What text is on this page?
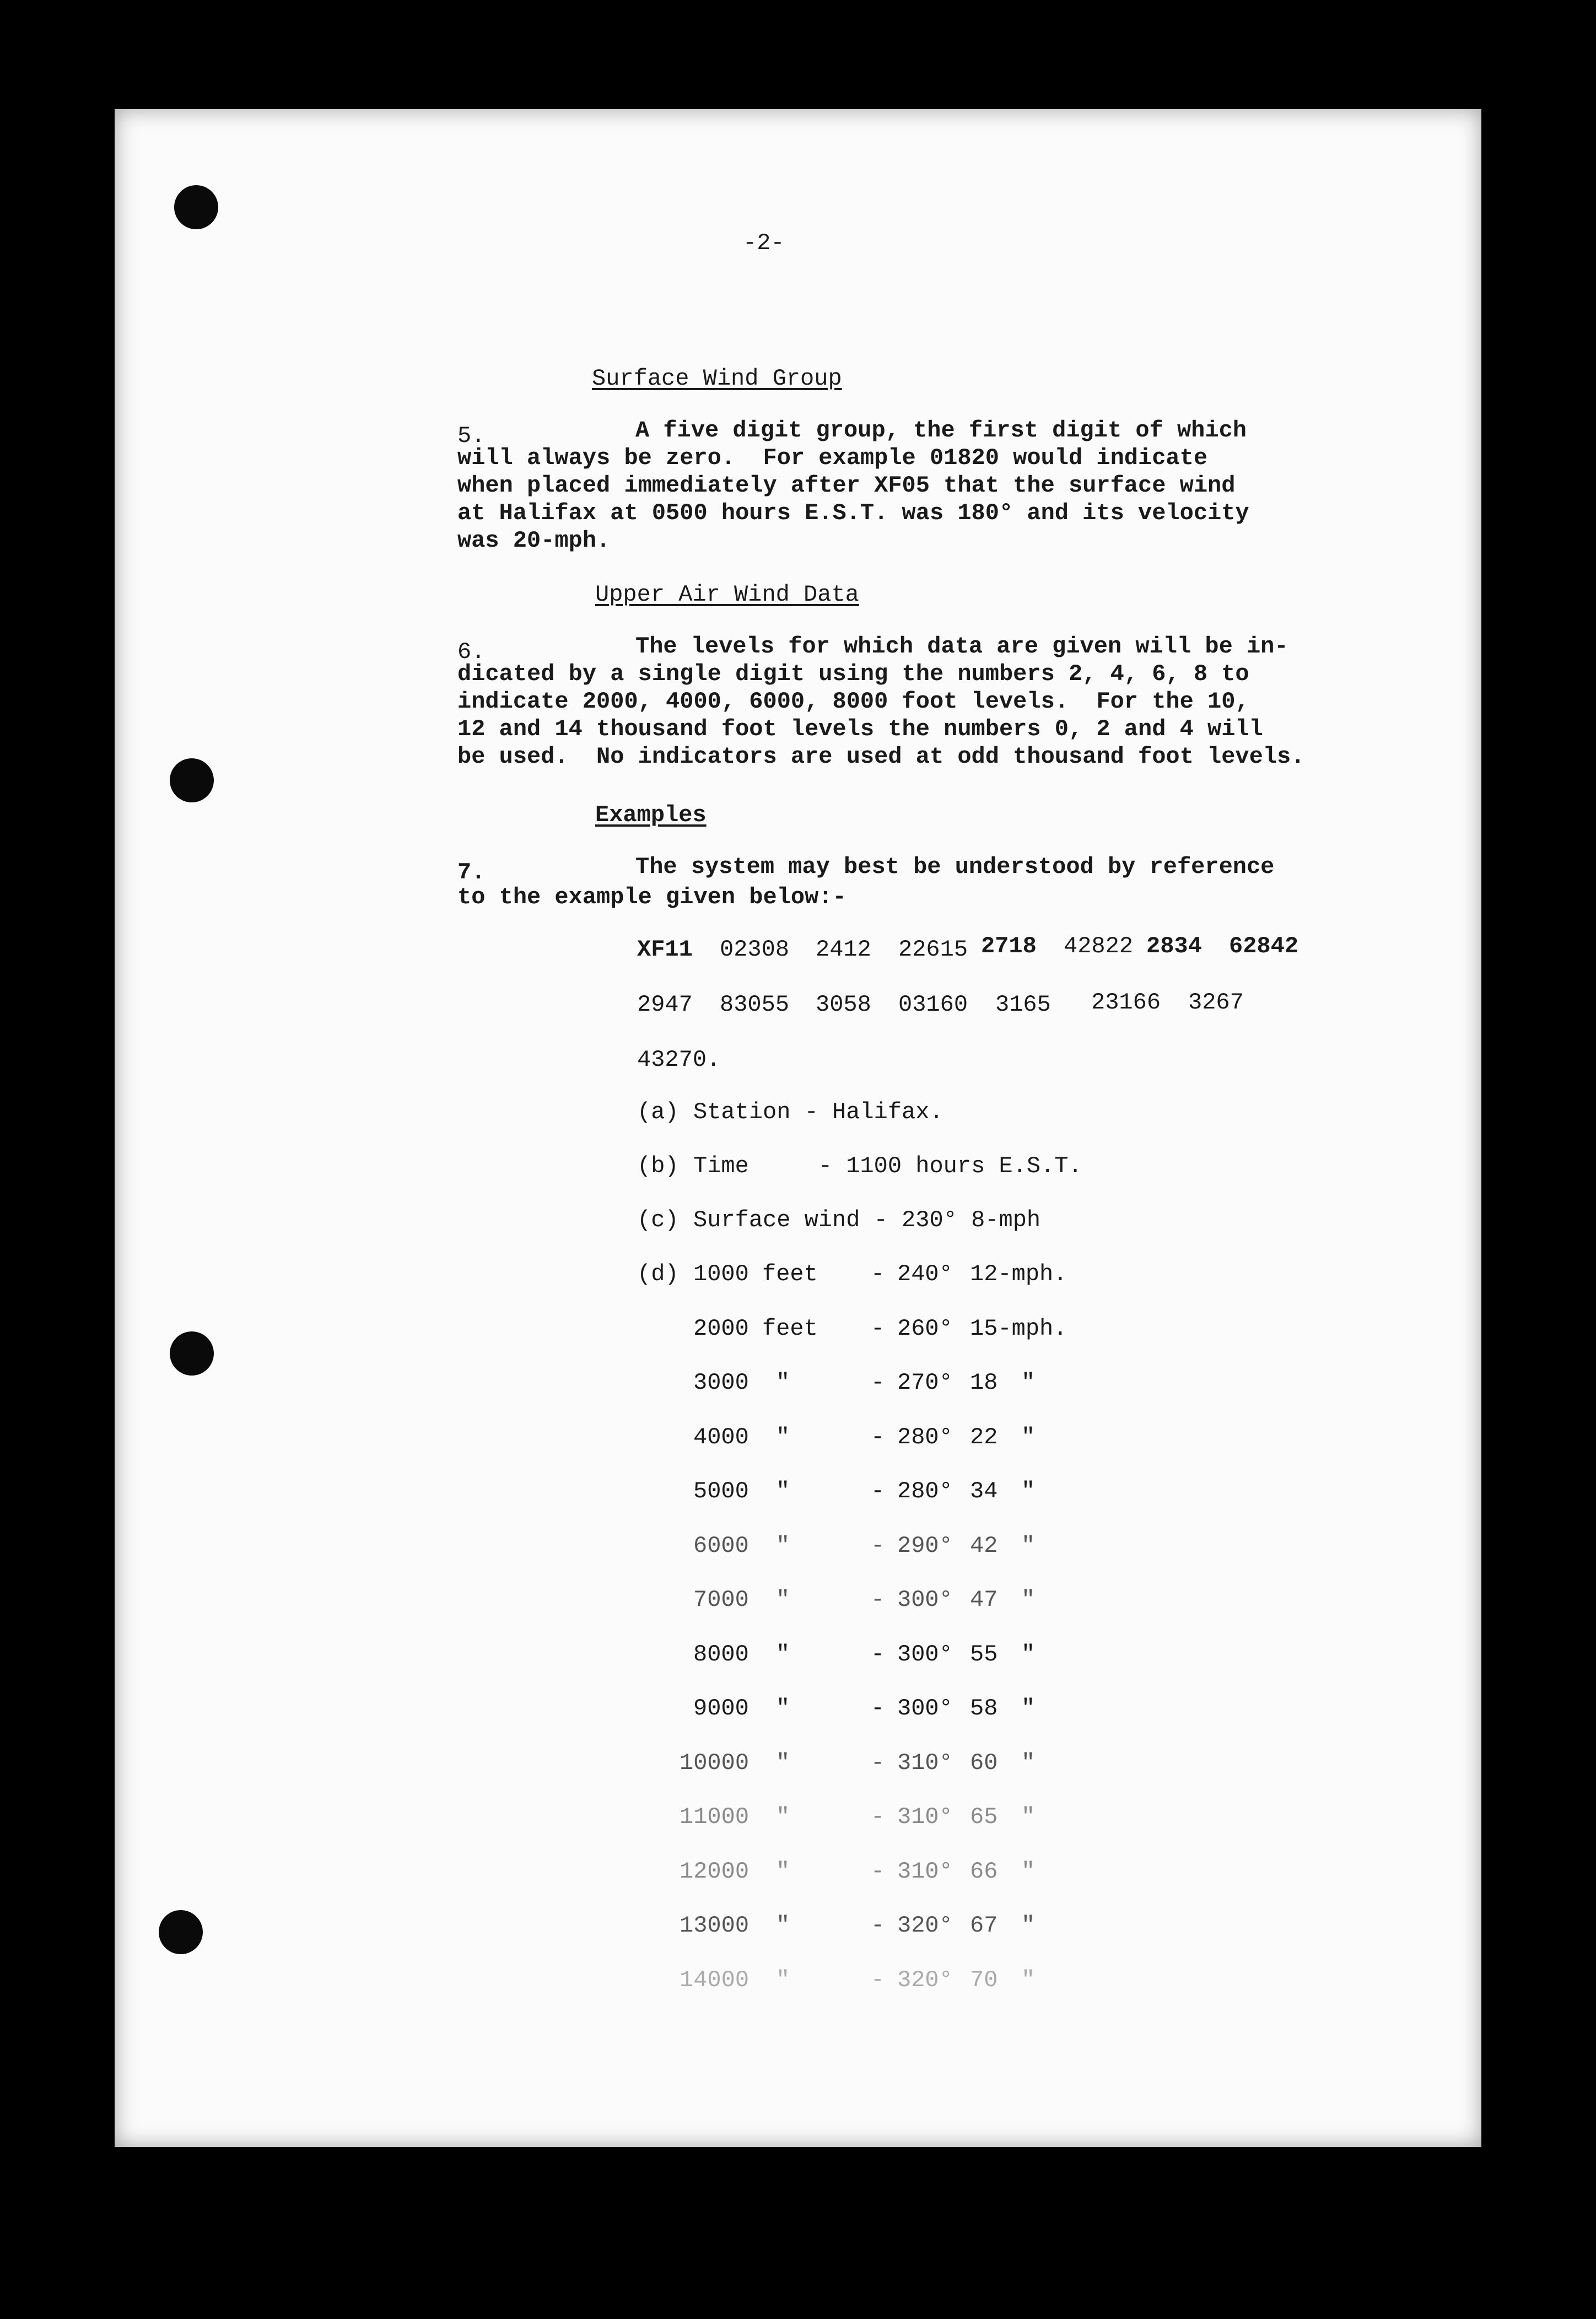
-2-
Surface Wind Group
5.	A five digit group, the first digit of which
will always be zero.  For example 01820 would indicate
when placed immediately after XF05 that the surface wind
at Halifax at 0500 hours E.S.T. was 180° and its velocity
was 20-mph.
Upper Air Wind Data
6.	The levels for which data are given will be in-
dicated by a single digit using the numbers 2, 4, 6, 8 to
indicate 2000, 4000, 6000, 8000 foot levels.  For the 10,
12 and 14 thousand foot levels the numbers 0, 2 and 4 will
be used.  No indicators are used at odd thousand foot levels.
Examples
7.	The system may best be understood by reference
to the example given below:-
XF11 02308 2412 22615 2718 42822 2834 62842
2947 83055 3058 03160 3165 23166 3267
43270.
(a) Station - Halifax.
(b) Time     - 1100 hours E.S.T.
(c) Surface wind - 230° 8-mph
(d) 1000 feet - 240° 12-mph.
2000 feet - 260° 15-mph.
3000 "	- 270° 18 "
4000 "	- 280° 22 "
5000 "	- 280° 34 "
6000 "	- 290° 42 "
7000 "	- 300° 47 "
8000 "	- 300° 55 "
9000 "	- 300° 58 "
10000 "	- 310° 60 "
11000 "	- 310° 65 "
12000 "	- 310° 66 "
13000 "	- 320° 67 "
14000 "	- 320° 70 "
